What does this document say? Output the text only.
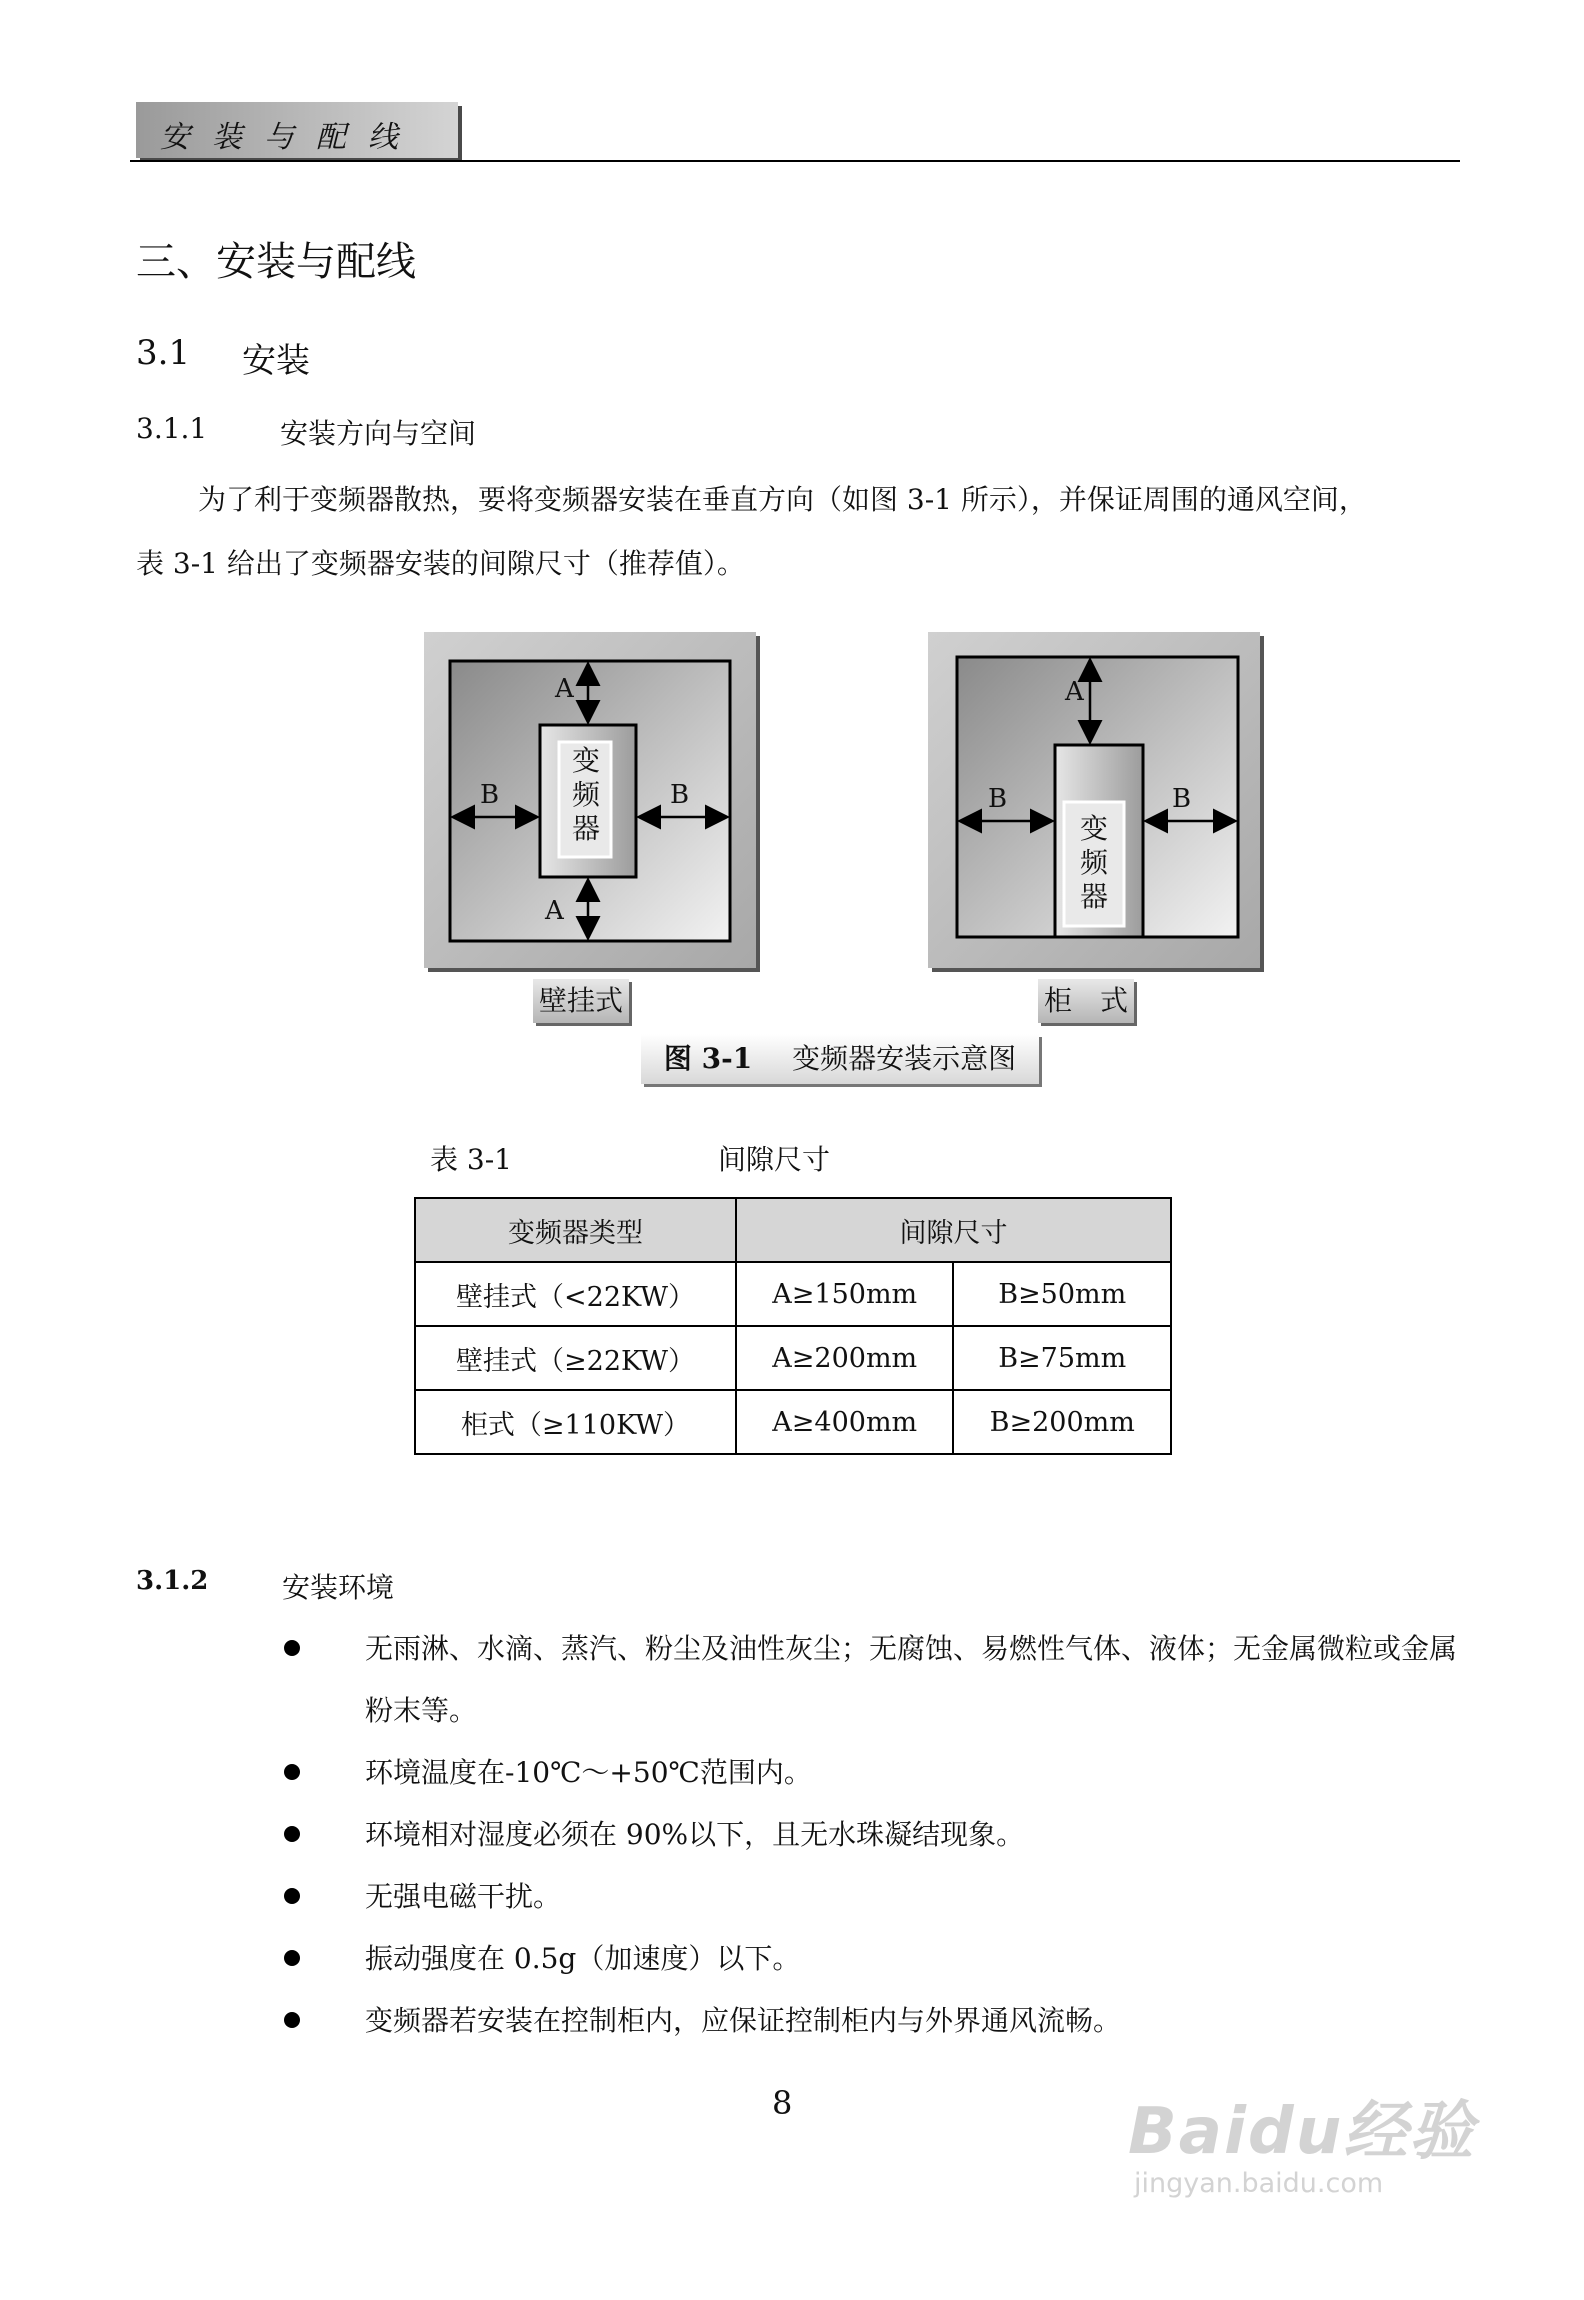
安装与配线
三、安装与配线
3.1 安装
3.1.1	安装方向与空间
为了利于变频器散热，要将变频器安装在垂直方向（如图 3-1 所示），并保证周围的通风空间，
表 3-1 给出了变频器安装的间隙尺寸（推荐值）。
变频器
A
A
B	B
壁挂式
变频器
A
B	B
柜　式
图 3-1 变频器安装示意图
表 3-1	间隙尺寸
变频器类型	间隙尺寸	
壁挂式（<22KW）	A≥150mm	B≥50mm
壁挂式（≥22KW）	A≥200mm	B≥75mm
柜式（≥110KW）	A≥400mm	B≥200mm
3.1.2	安装环境
无雨淋、水滴、蒸汽、粉尘及油性灰尘；无腐蚀、易燃性气体、液体；无金属微粒或金属粉末等。
环境温度在-10℃～+50℃范围内。
环境相对湿度必须在 90%以下，且无水珠凝结现象。
无强电磁干扰。
振动强度在 0.5g（加速度）以下。
变频器若安装在控制柜内，应保证控制柜内与外界通风流畅。
8	Baidu经验
jingyan.baidu.com
